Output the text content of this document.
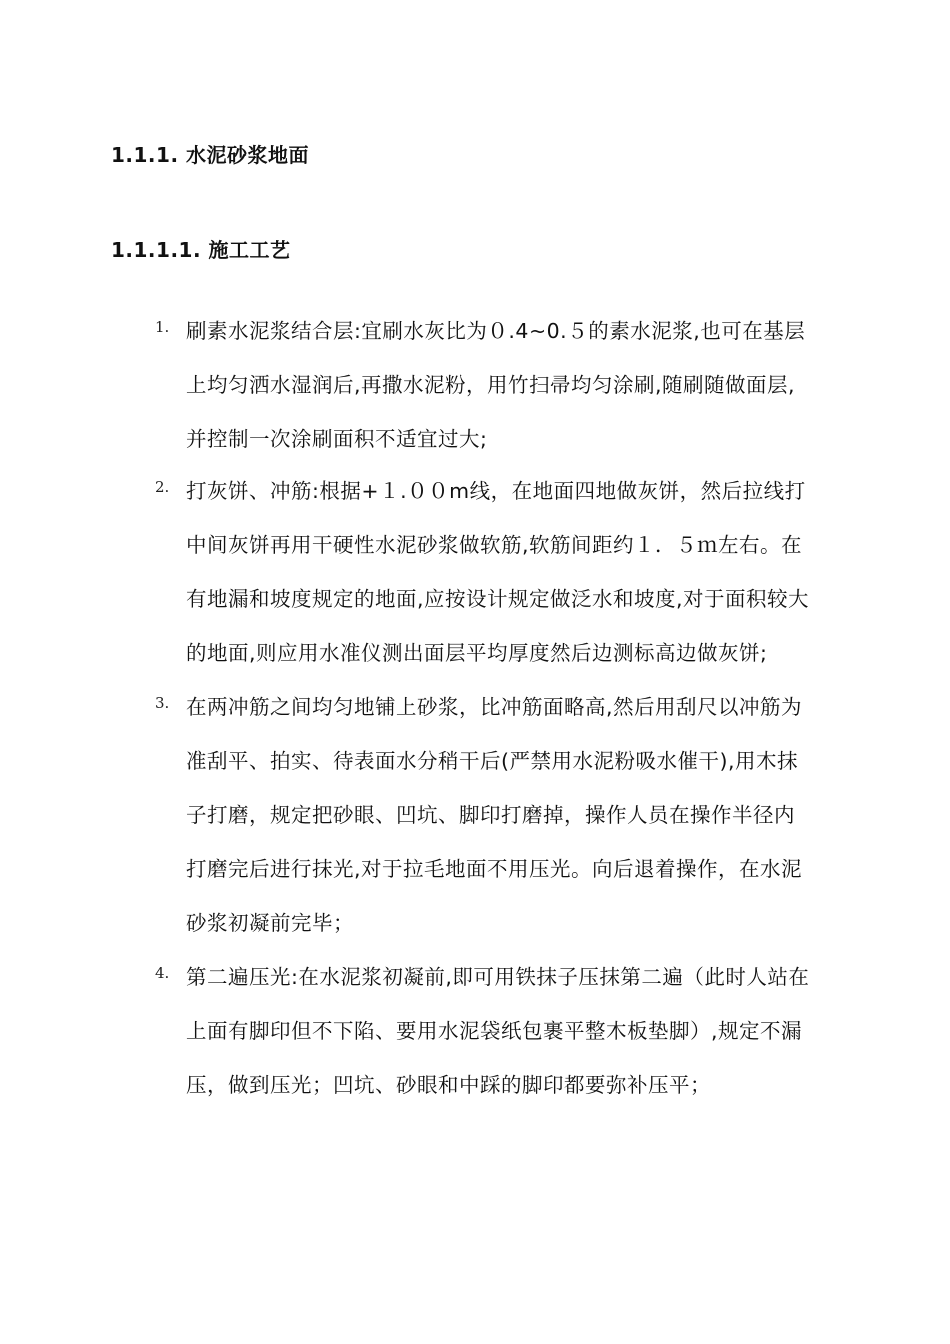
1.1.1. 水泥砂浆地面
1.1.1.1. 施工工艺
1. 刷素水泥浆结合层:宜刷水灰比为０.4~0.５的素水泥浆,也可在基层
上均匀洒水湿润后,再撒水泥粉，用竹扫帚均匀涂刷,随刷随做面层,
并控制一次涂刷面积不适宜过大;
2. 打灰饼、冲筋:根据+１.００m线，在地面四地做灰饼，然后拉线打
中间灰饼再用干硬性水泥砂浆做软筋,软筋间距约１．５ｍ左右。在
有地漏和坡度规定的地面,应按设计规定做泛水和坡度,对于面积较大
的地面,则应用水准仪测出面层平均厚度然后边测标高边做灰饼;
3. 在两冲筋之间均匀地铺上砂浆，比冲筋面略高,然后用刮尺以冲筋为
准刮平、拍实、待表面水分稍干后(严禁用水泥粉吸水催干),用木抹
子打磨，规定把砂眼、凹坑、脚印打磨掉，操作人员在操作半径内
打磨完后进行抹光,对于拉毛地面不用压光。向后退着操作，在水泥
砂浆初凝前完毕；
4. 第二遍压光:在水泥浆初凝前,即可用铁抹子压抹第二遍（此时人站在
上面有脚印但不下陷、要用水泥袋纸包裹平整木板垫脚）,规定不漏
压，做到压光；凹坑、砂眼和中踩的脚印都要弥补压平；
